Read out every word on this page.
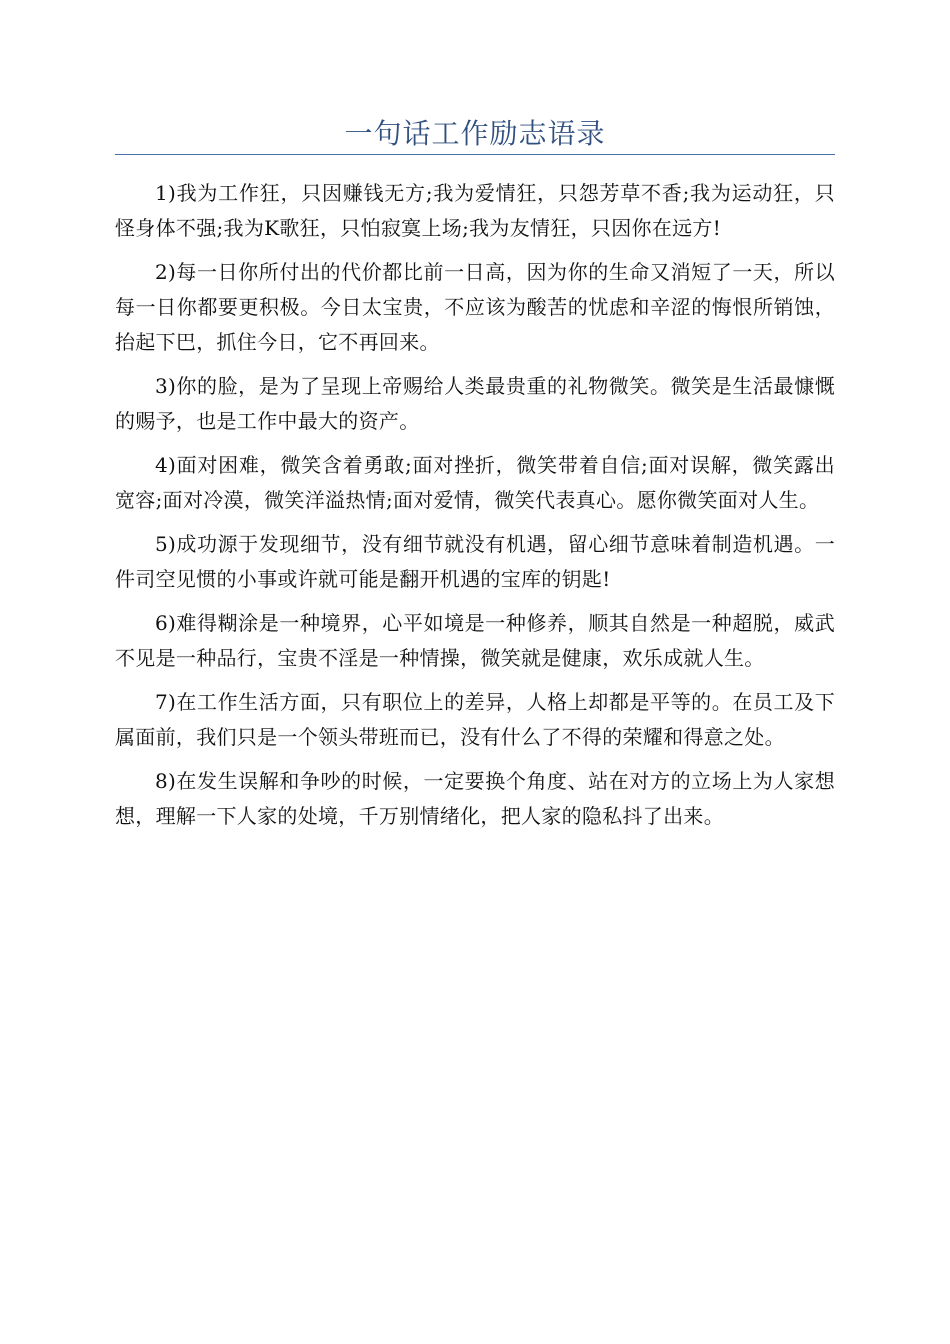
一句话工作励志语录

1)我为工作狂，只因赚钱无方;我为爱情狂，只怨芳草不香;我为运动狂，只怪身体不强;我为K歌狂，只怕寂寞上场;我为友情狂，只因你在远方!

2)每一日你所付出的代价都比前一日高，因为你的生命又消短了一天，所以每一日你都要更积极。今日太宝贵，不应该为酸苦的忧虑和辛涩的悔恨所销蚀，抬起下巴，抓住今日，它不再回来。

3)你的脸，是为了呈现上帝赐给人类最贵重的礼物微笑。微笑是生活最慷慨的赐予，也是工作中最大的资产。

4)面对困难，微笑含着勇敢;面对挫折，微笑带着自信;面对误解，微笑露出宽容;面对冷漠，微笑洋溢热情;面对爱情，微笑代表真心。愿你微笑面对人生。

5)成功源于发现细节，没有细节就没有机遇，留心细节意味着制造机遇。一件司空见惯的小事或许就可能是翻开机遇的宝库的钥匙!

6)难得糊涂是一种境界，心平如境是一种修养，顺其自然是一种超脱，威武不见是一种品行，宝贵不淫是一种情操，微笑就是健康，欢乐成就人生。

7)在工作生活方面，只有职位上的差异，人格上却都是平等的。在员工及下属面前，我们只是一个领头带班而已，没有什么了不得的荣耀和得意之处。

8)在发生误解和争吵的时候，一定要换个角度、站在对方的立场上为人家想想，理解一下人家的处境，千万别情绪化，把人家的隐私抖了出来。
